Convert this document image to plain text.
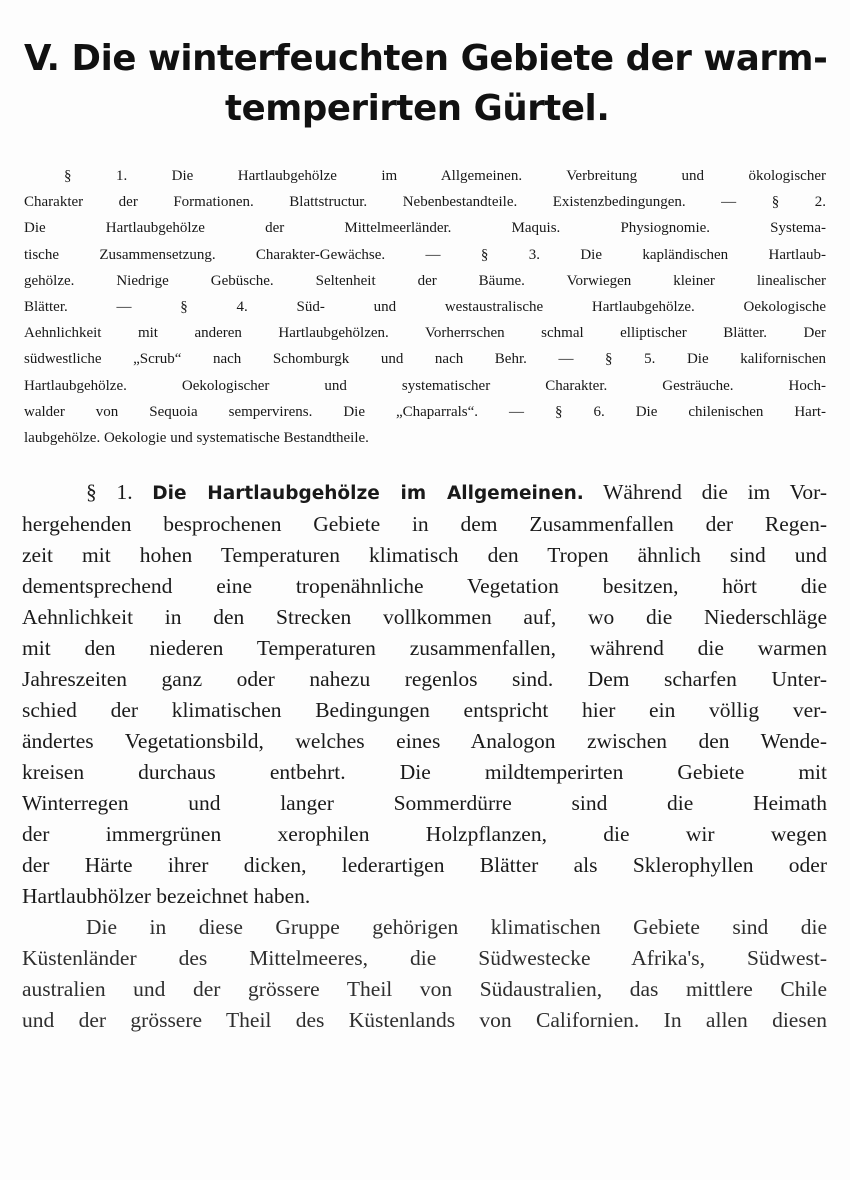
V. Die winterfeuchten Gebiete der warm-
temperirten Gürtel.
§ 1. Die Hartlaubgehölze im Allgemeinen. Verbreitung und ökologischer
Charakter der Formationen. Blattstructur. Nebenbestandteile. Existenzbedingungen. — § 2.
Die Hartlaubgehölze der Mittelmeerländer. Maquis. Physiognomie. Systema-
tische Zusammensetzung. Charakter-Gewächse. — § 3. Die kapländischen Hartlaub-
gehölze. Niedrige Gebüsche. Seltenheit der Bäume. Vorwiegen kleiner linealischer
Blätter. — § 4. Süd- und westaustralische Hartlaubgehölze. Oekologische
Aehnlichkeit mit anderen Hartlaubgehölzen. Vorherrschen schmal elliptischer Blätter. Der
südwestliche „Scrub“ nach Schomburgk und nach Behr. — § 5. Die kalifornischen
Hartlaubgehölze. Oekologischer und systematischer Charakter. Gesträuche. Hoch-
walder von Sequoia sempervirens. Die „Chaparrals“. — § 6. Die chilenischen Hart-
laubgehölze. Oekologie und systematische Bestandtheile.
§ 1. Die Hartlaubgehölze im Allgemeinen. Während die im Vor-
hergehenden besprochenen Gebiete in dem Zusammenfallen der Regen-
zeit mit hohen Temperaturen klimatisch den Tropen ähnlich sind und
dementsprechend eine tropenähnliche Vegetation besitzen, hört die
Aehnlichkeit in den Strecken vollkommen auf, wo die Niederschläge
mit den niederen Temperaturen zusammenfallen, während die warmen
Jahreszeiten ganz oder nahezu regenlos sind. Dem scharfen Unter-
schied der klimatischen Bedingungen entspricht hier ein völlig ver-
ändertes Vegetationsbild, welches eines Analogon zwischen den Wende-
kreisen durchaus entbehrt. Die mildtemperirten Gebiete mit
Winterregen und langer Sommerdürre sind die Heimath
der immergrünen xerophilen Holzpflanzen, die wir wegen
der Härte ihrer dicken, lederartigen Blätter als Sklerophyllen oder
Hartlaubhölzer bezeichnet haben.
Die in diese Gruppe gehörigen klimatischen Gebiete sind die
Küstenländer des Mittelmeeres, die Südwestecke Afrika's, Südwest-
australien und der grössere Theil von Südaustralien, das mittlere Chile
und der grössere Theil des Küstenlands von Californien. In allen diesen
